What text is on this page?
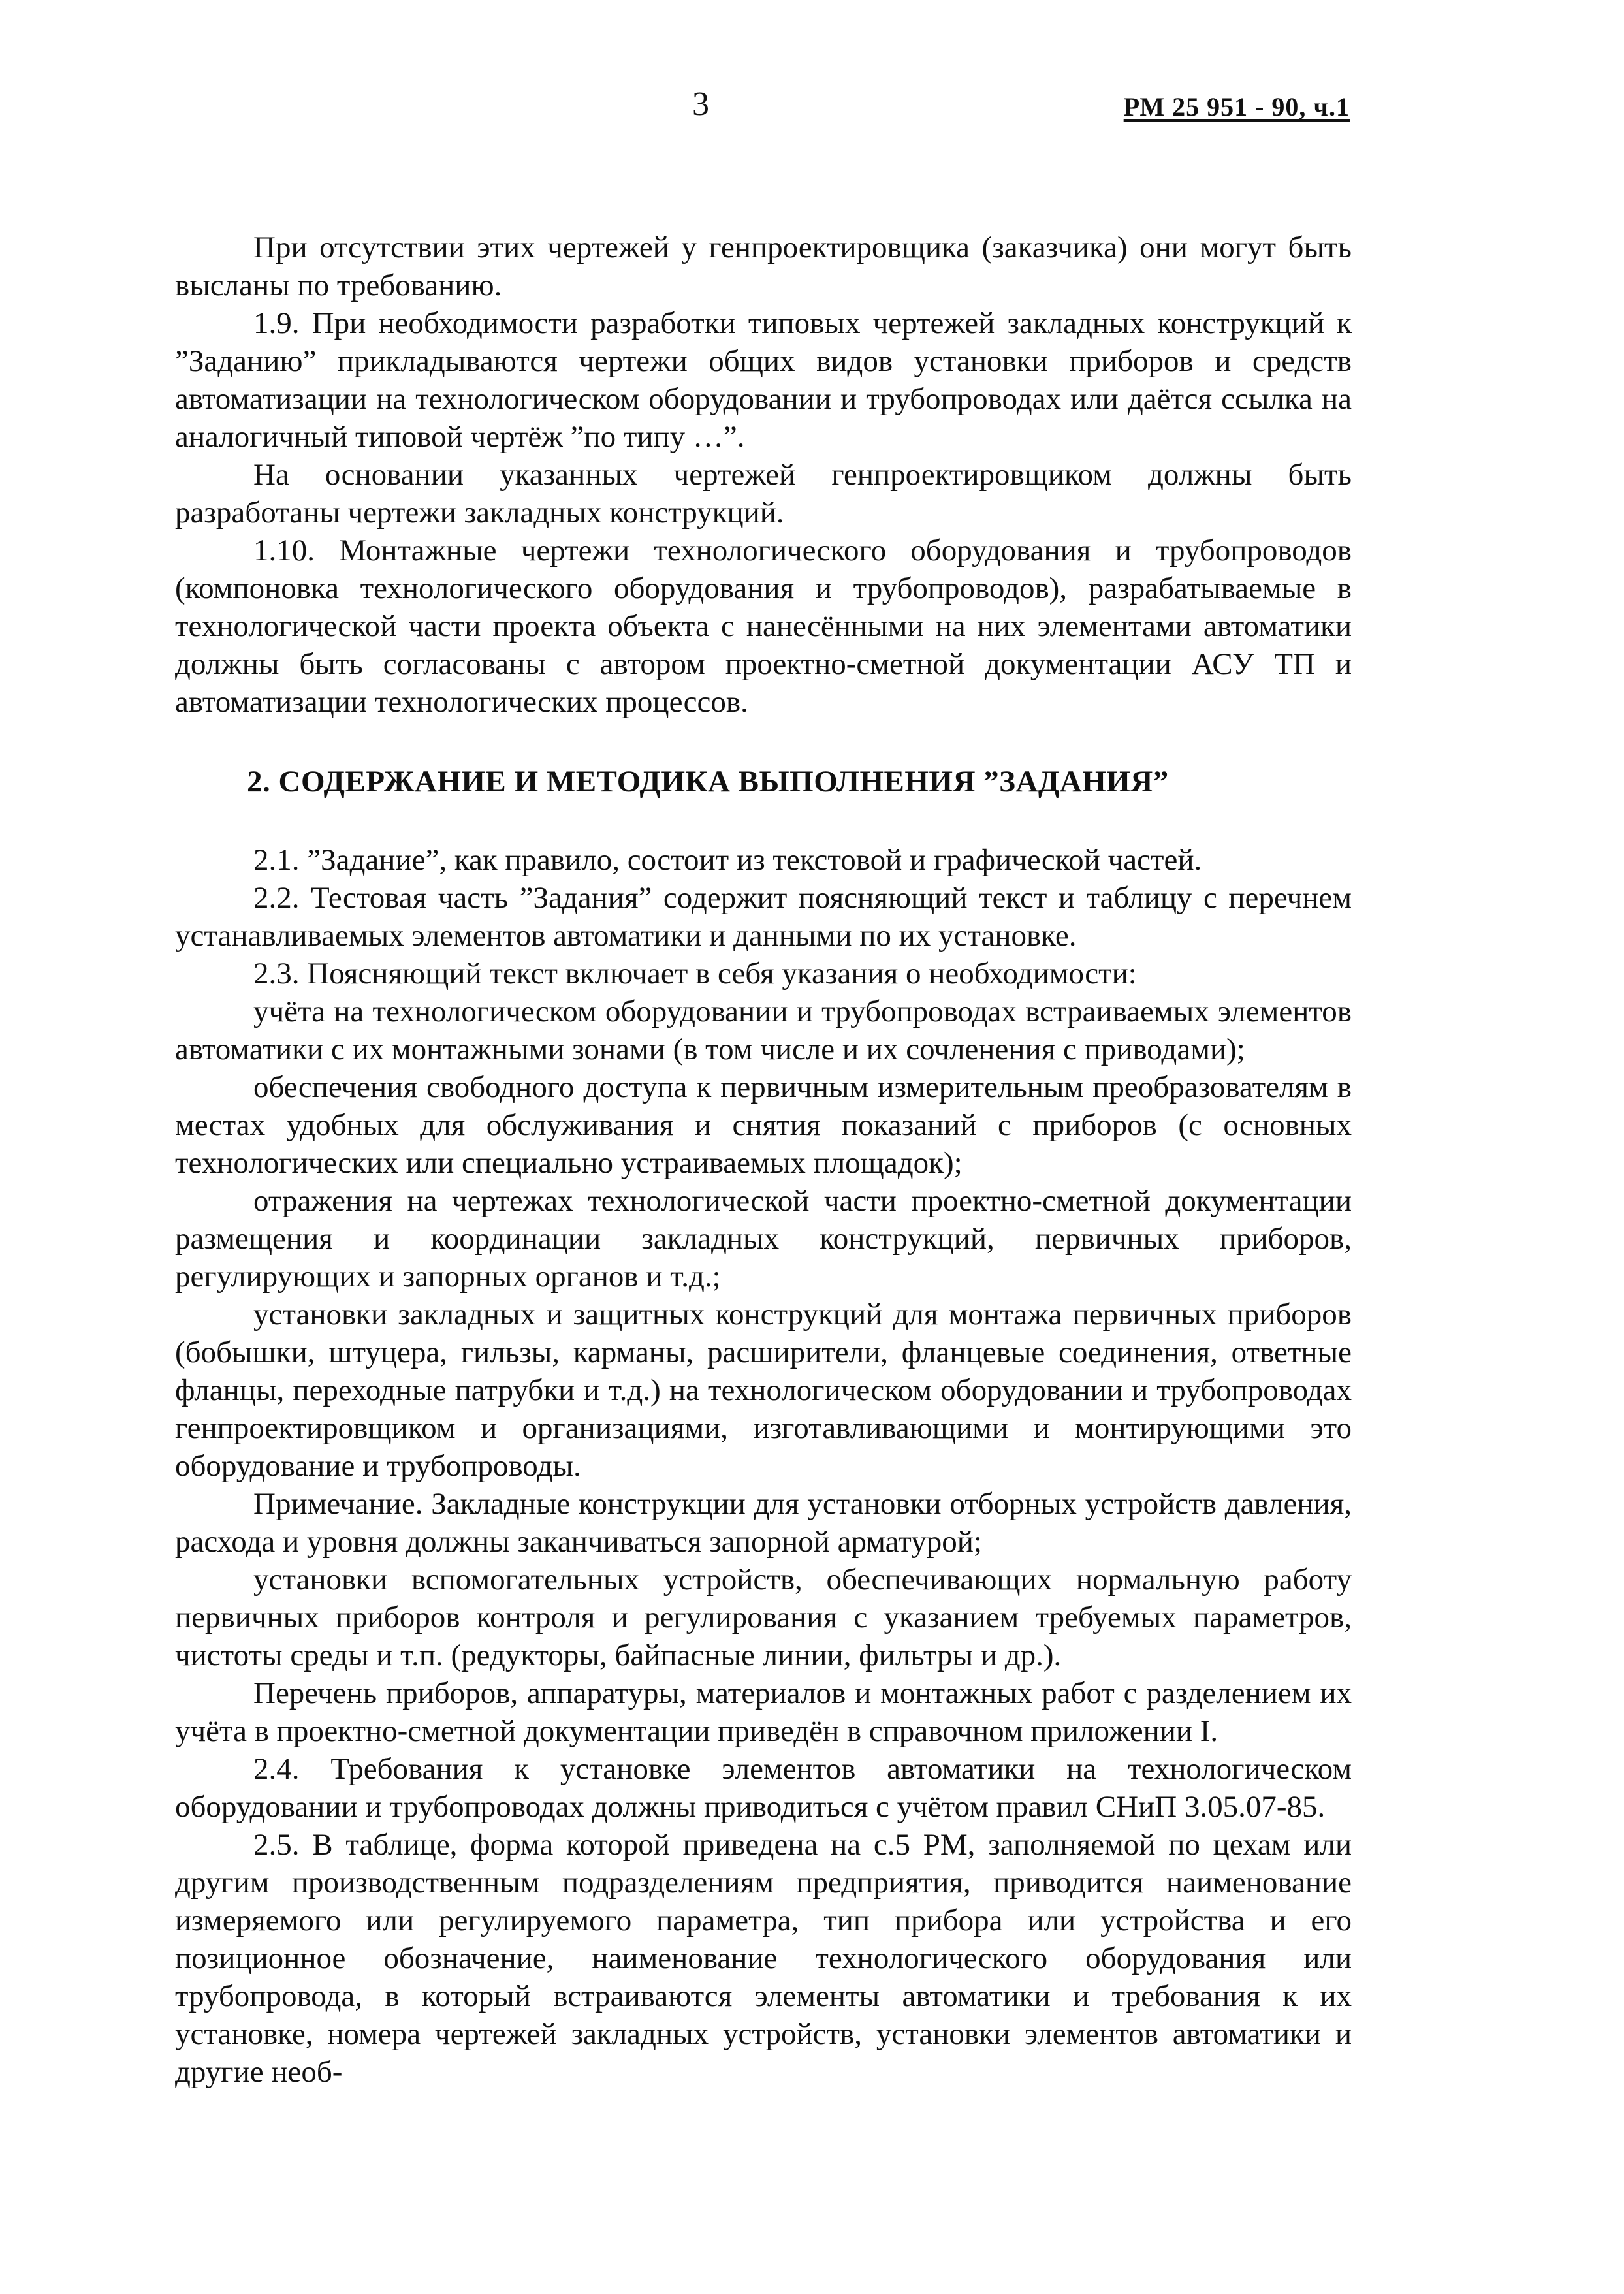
3	РМ 25 951 - 90, ч.1

При отсутствии этих чертежей у генпроектировщика (заказчика) они могут быть высланы по требованию.

1.9. При необходимости разработки типовых чертежей закладных конструкций к ”Заданию” прикладываются чертежи общих видов установки приборов и средств автоматизации на технологическом оборудовании и трубопроводах или даётся ссылка на аналогичный типовой чертёж ”по типу …”.

На основании указанных чертежей генпроектировщиком должны быть разработаны чертежи закладных конструкций.

1.10. Монтажные чертежи технологического оборудования и трубопроводов (компоновка технологического оборудования и трубопроводов), разрабатываемые в технологической части проекта объекта с нанесёнными на них элементами автоматики должны быть согласованы с автором проектно-сметной документации АСУ ТП и автоматизации технологических процессов.

2. СОДЕРЖАНИЕ И МЕТОДИКА ВЫПОЛНЕНИЯ ”ЗАДАНИЯ”

2.1. ”Задание”, как правило, состоит из текстовой и графической частей.

2.2. Тестовая часть ”Задания” содержит поясняющий текст и таблицу с перечнем устанавливаемых элементов автоматики и данными по их установке.

2.3. Поясняющий текст включает в себя указания о необходимости:

учёта на технологическом оборудовании и трубопроводах встраиваемых элементов автоматики с их монтажными зонами (в том числе и их сочленения с приводами);

обеспечения свободного доступа к первичным измерительным преобразователям в местах удобных для обслуживания и снятия показаний с приборов (с основных технологических или специально устраиваемых площадок);

отражения на чертежах технологической части проектно-сметной документации размещения и координации закладных конструкций, первичных приборов, регулирующих и запорных органов и т.д.;

установки закладных и защитных конструкций для монтажа первичных приборов (бобышки, штуцера, гильзы, карманы, расширители, фланцевые соединения, ответные фланцы, переходные патрубки и т.д.) на технологическом оборудовании и трубопроводах генпроектировщиком и организациями, изготавливающими и монтирующими это оборудование и трубопроводы.

Примечание. Закладные конструкции для установки отборных устройств давления, расхода и уровня должны заканчиваться запорной арматурой;

установки вспомогательных устройств, обеспечивающих нормальную работу первичных приборов контроля и регулирования с указанием требуемых параметров, чистоты среды и т.п. (редукторы, байпасные линии, фильтры и др.).

Перечень приборов, аппаратуры, материалов и монтажных работ с разделением их учёта в проектно-сметной документации приведён в справочном приложении I.

2.4. Требования к установке элементов автоматики на технологическом оборудовании и трубопроводах должны приводиться с учётом правил СНиП 3.05.07-85.

2.5. В таблице, форма которой приведена на с.5 РМ, заполняемой по цехам или другим производственным подразделениям предприятия, приводится наименование измеряемого или регулируемого параметра, тип прибора или устройства и его позиционное обозначение, наименование технологического оборудования или трубопровода, в который встраиваются элементы автоматики и требования к их установке, номера чертежей закладных устройств, установки элементов автоматики и другие необ-
